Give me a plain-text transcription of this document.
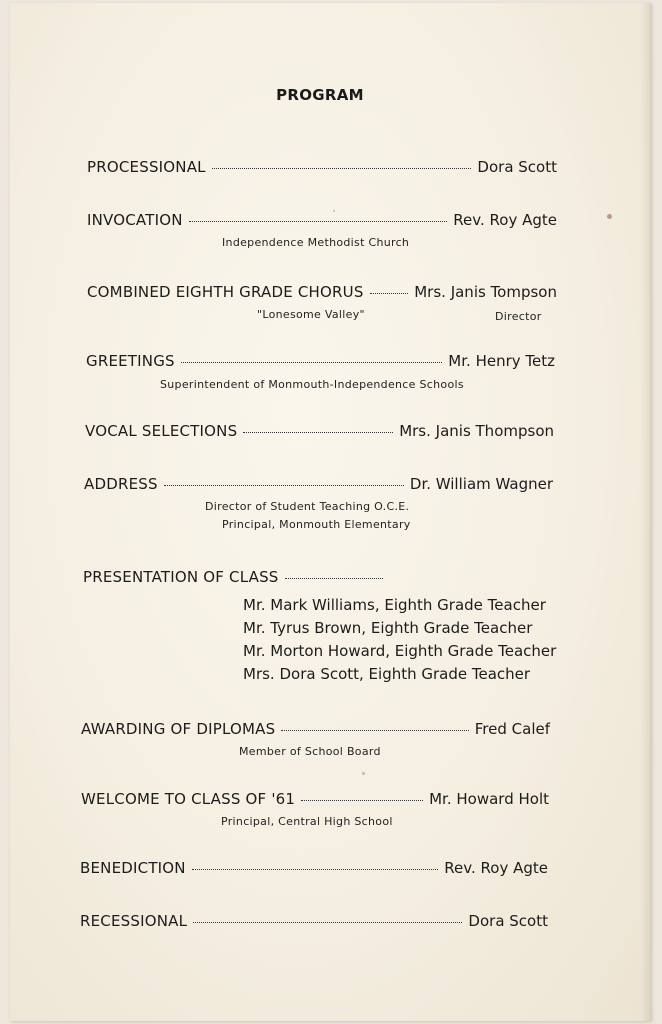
PROGRAM
PROCESSIONAL	Dora Scott
INVOCATION	Rev. Roy Agte
Independence Methodist Church
COMBINED EIGHTH GRADE CHORUS	Mrs. Janis Tompson
"Lonesome Valley"	Director
GREETINGS	Mr. Henry Tetz
Superintendent of Monmouth-Independence Schools
VOCAL SELECTIONS	Mrs. Janis Thompson
ADDRESS	Dr. William Wagner
Director of Student Teaching O.C.E.
Principal, Monmouth Elementary
PRESENTATION OF CLASS
Mr. Mark Williams, Eighth Grade Teacher
Mr. Tyrus Brown, Eighth Grade Teacher
Mr. Morton Howard, Eighth Grade Teacher
Mrs. Dora Scott, Eighth Grade Teacher
AWARDING OF DIPLOMAS	Fred Calef
Member of School Board
WELCOME TO CLASS OF '61	Mr. Howard Holt
Principal, Central High School
BENEDICTION	Rev. Roy Agte
RECESSIONAL	Dora Scott
